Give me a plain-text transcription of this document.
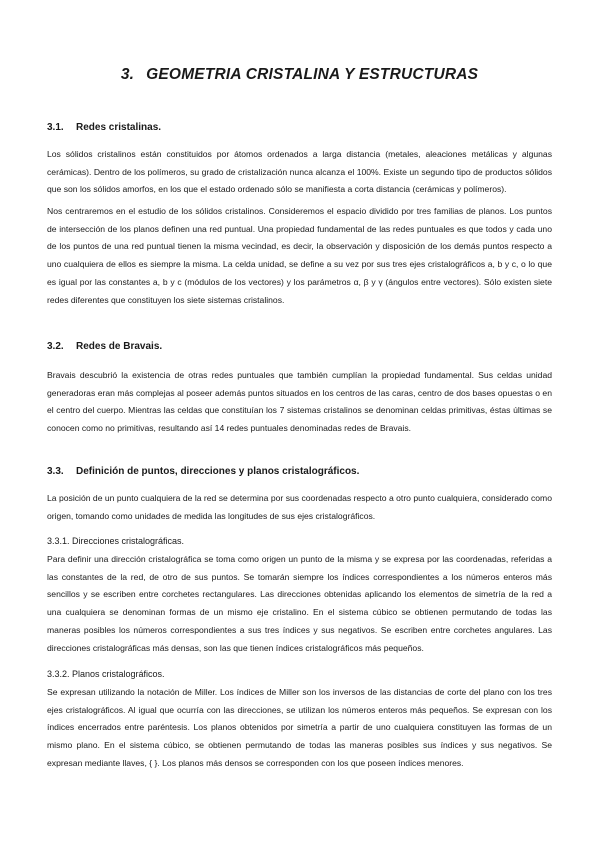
3. GEOMETRIA CRISTALINA Y ESTRUCTURAS
3.1. Redes cristalinas.

Los sólidos cristalinos están constituidos por átomos ordenados a larga distancia (metales, aleaciones metálicas y algunas cerámicas). Dentro de los polímeros, su grado de cristalización nunca alcanza el 100%. Existe un segundo tipo de productos sólidos que son los sólidos amorfos, en los que el estado ordenado sólo se manifiesta a corta distancia (cerámicas y polímeros).

Nos centraremos en el estudio de los sólidos cristalinos. Consideremos el espacio dividido por tres familias de planos. Los puntos de intersección de los planos definen una red puntual. Una propiedad fundamental de las redes puntuales es que todos y cada uno de los puntos de una red puntual tienen la misma vecindad, es decir, la observación y disposición de los demás puntos respecto a uno cualquiera de ellos es siempre la misma. La celda unidad, se define a su vez por sus tres ejes cristalográficos a, b y c, o lo que es igual por las constantes a, b y c (módulos de los vectores) y los parámetros α, β y γ (ángulos entre vectores). Sólo existen siete redes diferentes que constituyen los siete sistemas cristalinos.

3.2. Redes de Bravais.

Bravais descubrió la existencia de otras redes puntuales que también cumplían la propiedad fundamental. Sus celdas unidad generadoras eran más complejas al poseer además puntos situados en los centros de las caras, centro de dos bases opuestas o en el centro del cuerpo. Mientras las celdas que constituían los 7 sistemas cristalinos se denominan celdas primitivas, éstas últimas se conocen como no primitivas, resultando así 14 redes puntuales denominadas redes de Bravais.

3.3. Definición de puntos, direcciones y planos cristalográficos.

La posición de un punto cualquiera de la red se determina por sus coordenadas respecto a otro punto cualquiera, considerado como origen, tomando como unidades de medida las longitudes de sus ejes cristalográficos.

3.3.1. Direcciones cristalográficas.

Para definir una dirección cristalográfica se toma como origen un punto de la misma y se expresa por las coordenadas, referidas a las constantes de la red, de otro de sus puntos. Se tomarán siempre los índices correspondientes a los números enteros más sencillos y se escriben entre corchetes rectangulares. Las direcciones obtenidas aplicando los elementos de simetría de la red a una cualquiera se denominan formas de un mismo eje cristalino. En el sistema cúbico se obtienen permutando de todas las maneras posibles los números correspondientes a sus tres índices y sus negativos. Se escriben entre corchetes angulares. Las direcciones cristalográficas más densas, son las que tienen índices cristalográficos más pequeños.

3.3.2. Planos cristalográficos.

Se expresan utilizando la notación de Miller. Los índices de Miller son los inversos de las distancias de corte del plano con los tres ejes cristalográficos. Al igual que ocurría con las direcciones, se utilizan los números enteros más pequeños. Se expresan con los índices encerrados entre paréntesis. Los planos obtenidos por simetría a partir de uno cualquiera constituyen las formas de un mismo plano. En el sistema cúbico, se obtienen permutando de todas las maneras posibles sus índices y sus negativos. Se expresan mediante llaves, { }. Los planos más densos se corresponden con los que poseen índices menores.
